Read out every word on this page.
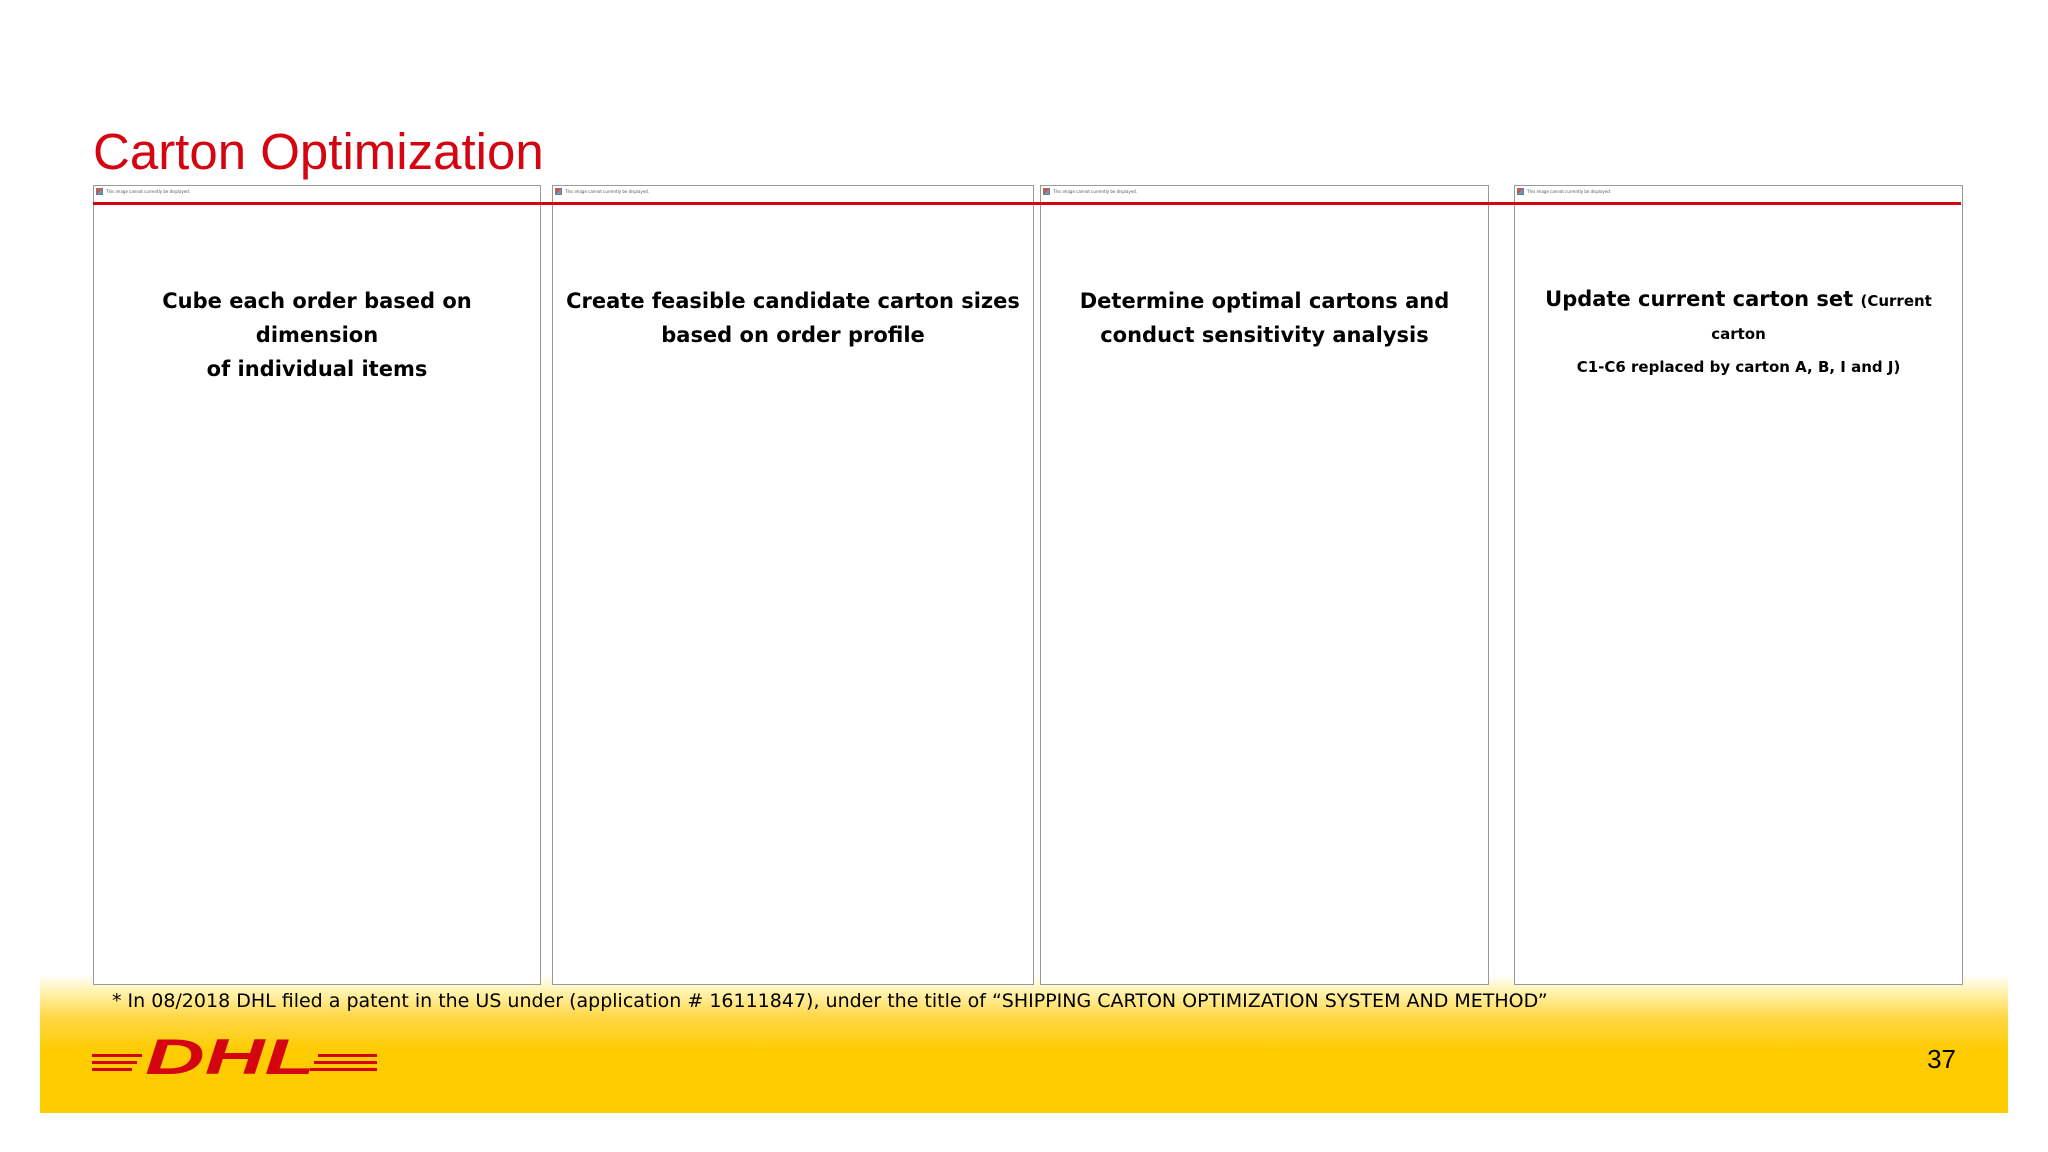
Carton Optimization
This image cannot currently be displayed.

Cube each order based on dimension
of individual items

This image cannot currently be displayed.

Create feasible candidate carton sizes
based on order profile

This image cannot currently be displayed.

Determine optimal cartons and
conduct sensitivity analysis

This image cannot currently be displayed.

Update current carton set (Current carton
C1-C6 replaced by carton A, B, I and J)

* In 08/2018 DHL filed a patent in the US under (application # 16111847), under the title of “SHIPPING CARTON OPTIMIZATION SYSTEM AND METHOD”

DHL	37
